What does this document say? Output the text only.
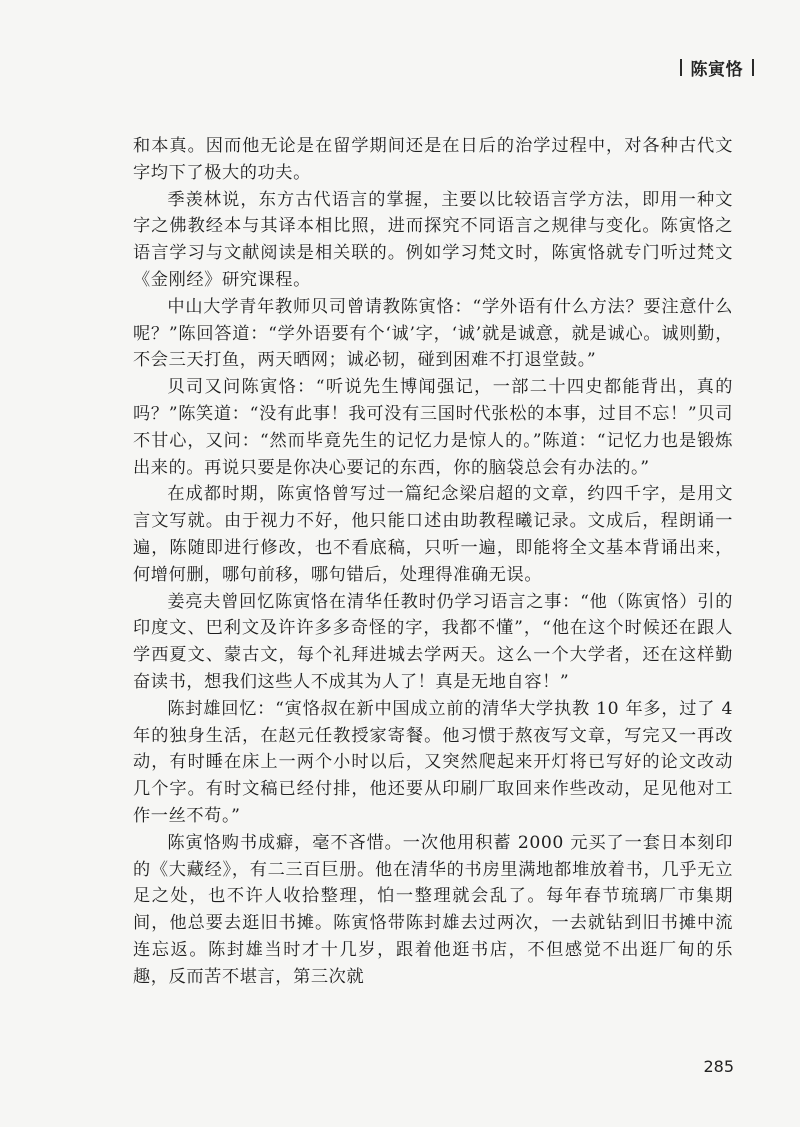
陈寅恪

和本真。因而他无论是在留学期间还是在日后的治学过程中，对各种古代文字均下了极大的功夫。

季羡林说，东方古代语言的掌握，主要以比较语言学方法，即用一种文字之佛教经本与其译本相比照，进而探究不同语言之规律与变化。陈寅恪之语言学习与文献阅读是相关联的。例如学习梵文时，陈寅恪就专门听过梵文《金刚经》研究课程。

中山大学青年教师贝司曾请教陈寅恪：“学外语有什么方法？要注意什么呢？”陈回答道：“学外语要有个‘诚’字，‘诚’就是诚意，就是诚心。诚则勤，不会三天打鱼，两天晒网；诚必韧，碰到困难不打退堂鼓。”

贝司又问陈寅恪：“听说先生博闻强记，一部二十四史都能背出，真的吗？”陈笑道：“没有此事！我可没有三国时代张松的本事，过目不忘！”贝司不甘心，又问：“然而毕竟先生的记忆力是惊人的。”陈道：“记忆力也是锻炼出来的。再说只要是你决心要记的东西，你的脑袋总会有办法的。”

在成都时期，陈寅恪曾写过一篇纪念梁启超的文章，约四千字，是用文言文写就。由于视力不好，他只能口述由助教程曦记录。文成后，程朗诵一遍，陈随即进行修改，也不看底稿，只听一遍，即能将全文基本背诵出来，何增何删，哪句前移，哪句错后，处理得准确无误。

姜亮夫曾回忆陈寅恪在清华任教时仍学习语言之事：“他（陈寅恪）引的印度文、巴利文及许许多多奇怪的字，我都不懂”，“他在这个时候还在跟人学西夏文、蒙古文，每个礼拜进城去学两天。这么一个大学者，还在这样勤奋读书，想我们这些人不成其为人了！真是无地自容！”

陈封雄回忆：“寅恪叔在新中国成立前的清华大学执教 10 年多，过了 4 年的独身生活，在赵元任教授家寄餐。他习惯于熬夜写文章，写完又一再改动，有时睡在床上一两个小时以后，又突然爬起来开灯将已写好的论文改动几个字。有时文稿已经付排，他还要从印刷厂取回来作些改动，足见他对工作一丝不苟。”

陈寅恪购书成癖，毫不吝惜。一次他用积蓄 2000 元买了一套日本刻印的《大藏经》，有二三百巨册。他在清华的书房里满地都堆放着书，几乎无立足之处，也不许人收拾整理，怕一整理就会乱了。每年春节琉璃厂市集期间，他总要去逛旧书摊。陈寅恪带陈封雄去过两次，一去就钻到旧书摊中流连忘返。陈封雄当时才十几岁，跟着他逛书店，不但感觉不出逛厂甸的乐趣，反而苦不堪言，第三次就

285
